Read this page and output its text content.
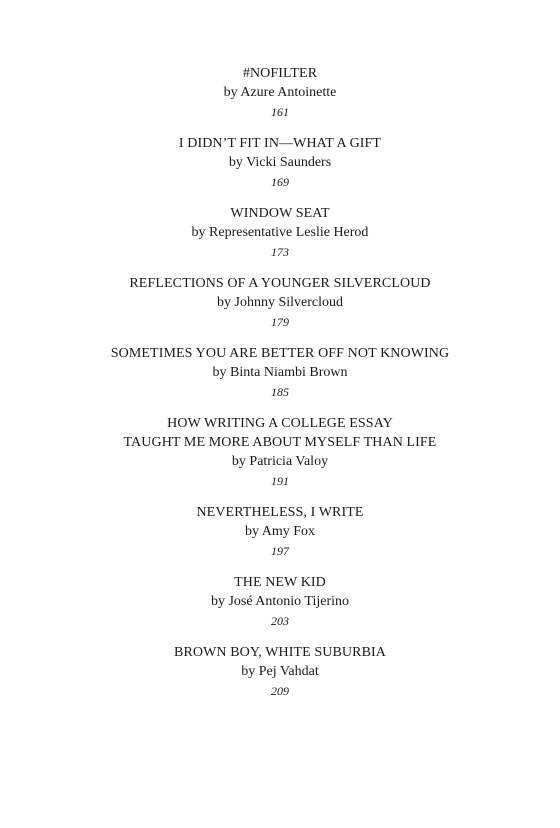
#NOFILTER

by Azure Antoinette

161

I DIDN’T FIT IN—WHAT A GIFT

by Vicki Saunders

169

WINDOW SEAT

by Representative Leslie Herod

173

REFLECTIONS OF A YOUNGER SILVERCLOUD

by Johnny Silvercloud

179

SOMETIMES YOU ARE BETTER OFF NOT KNOWING

by Binta Niambi Brown

185

HOW WRITING A COLLEGE ESSAY

TAUGHT ME MORE ABOUT MYSELF THAN LIFE

by Patricia Valoy

191

NEVERTHELESS, I WRITE

by Amy Fox

197

THE NEW KID

by José Antonio Tijerino

203

BROWN BOY, WHITE SUBURBIA

by Pej Vahdat

209
